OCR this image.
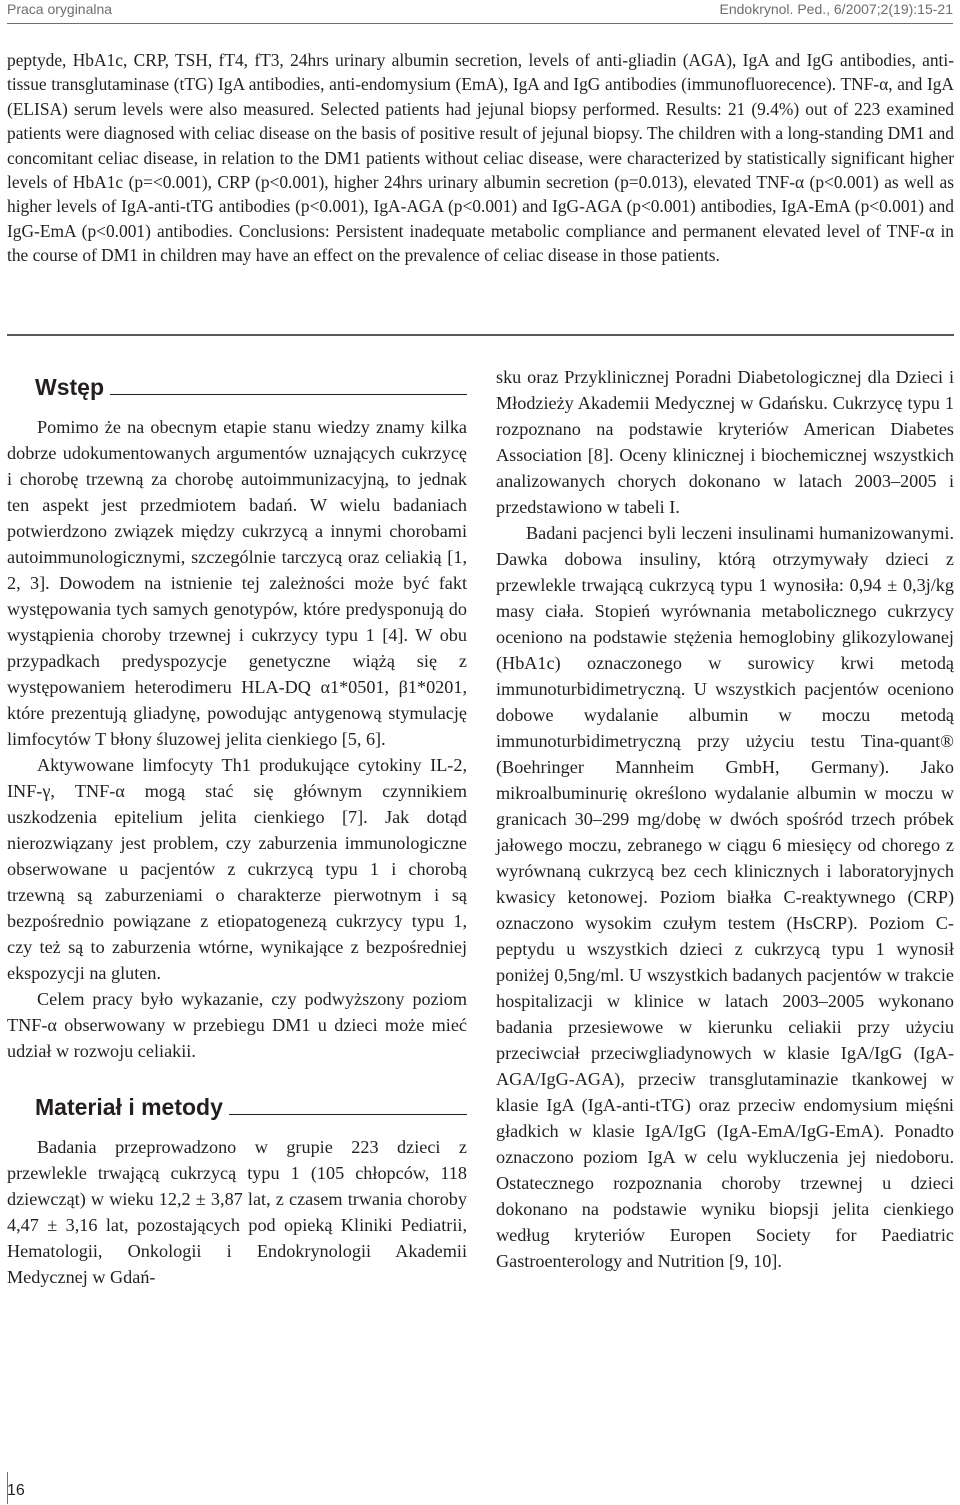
Praca oryginalna	Endokrynol. Ped., 6/2007;2(19):15-21

peptyde, HbA1c, CRP, TSH, fT4, fT3, 24hrs urinary albumin secretion, levels of anti-gliadin (AGA), IgA and IgG antibodies, anti-tissue transglutaminase (tTG) IgA antibodies, anti-endomysium (EmA), IgA and IgG antibodies (immunofluorecence). TNF-α, and IgA (ELISA) serum levels were also measured. Selected patients had jejunal biopsy performed. Results: 21 (9.4%) out of 223 examined patients were diagnosed with celiac disease on the basis of positive result of jejunal biopsy. The children with a long-standing DM1 and concomitant celiac disease, in relation to the DM1 patients without celiac disease, were characterized by statistically significant higher levels of HbA1c (p=<0.001), CRP (p<0.001), higher 24hrs urinary albumin secretion (p=0.013), elevated TNF-α (p<0.001) as well as higher levels of IgA-anti-tTG antibodies (p<0.001), IgA-AGA (p<0.001) and IgG-AGA (p<0.001) antibodies, IgA-EmA (p<0.001) and IgG-EmA (p<0.001) antibodies. Conclusions: Persistent inadequate metabolic compliance and permanent elevated level of TNF-α in the course of DM1 in children may have an effect on the prevalence of celiac disease in those patients.

Wstęp

Pomimo że na obecnym etapie stanu wiedzy znamy kilka dobrze udokumentowanych argumentów uznających cukrzycę i chorobę trzewną za chorobę autoimmunizacyjną, to jednak ten aspekt jest przedmiotem badań. W wielu badaniach potwierdzono związek między cukrzycą a innymi chorobami autoimmunologicznymi, szczególnie tarczycą oraz celiakią [1, 2, 3]. Dowodem na istnienie tej zależności może być fakt występowania tych samych genotypów, które predysponują do wystąpienia choroby trzewnej i cukrzycy typu 1 [4]. W obu przypadkach predyspozycje genetyczne wiążą się z występowaniem heterodimeru HLA-DQ α1*0501, β1*0201, które prezentują gliadynę, powodując antygenową stymulację limfocytów T błony śluzowej jelita cienkiego [5, 6].

Aktywowane limfocyty Th1 produkujące cytokiny IL-2, INF-γ, TNF-α mogą stać się głównym czynnikiem uszkodzenia epitelium jelita cienkiego [7]. Jak dotąd nierozwiązany jest problem, czy zaburzenia immunologiczne obserwowane u pacjentów z cukrzycą typu 1 i chorobą trzewną są zaburzeniami o charakterze pierwotnym i są bezpośrednio powiązane z etiopatogenezą cukrzycy typu 1, czy też są to zaburzenia wtórne, wynikające z bezpośredniej ekspozycji na gluten.

Celem pracy było wykazanie, czy podwyższony poziom TNF-α obserwowany w przebiegu DM1 u dzieci może mieć udział w rozwoju celiakii.

Materiał i metody

Badania przeprowadzono w grupie 223 dzieci z przewlekle trwającą cukrzycą typu 1 (105 chłopców, 118 dziewcząt) w wieku 12,2 ± 3,87 lat, z czasem trwania choroby 4,47 ± 3,16 lat, pozostających pod opieką Kliniki Pediatrii, Hematologii, Onkologii i Endokrynologii Akademii Medycznej w Gdań-

sku oraz Przyklinicznej Poradni Diabetologicznej dla Dzieci i Młodzieży Akademii Medycznej w Gdańsku. Cukrzycę typu 1 rozpoznano na podstawie kryteriów American Diabetes Association [8]. Oceny klinicznej i biochemicznej wszystkich analizowanych chorych dokonano w latach 2003–2005 i przedstawiono w tabeli I.

Badani pacjenci byli leczeni insulinami humanizowanymi. Dawka dobowa insuliny, którą otrzymywały dzieci z przewlekle trwającą cukrzycą typu 1 wynosiła: 0,94 ± 0,3j/kg masy ciała. Stopień wyrównania metabolicznego cukrzycy oceniono na podstawie stężenia hemoglobiny glikozylowanej (HbA1c) oznaczonego w surowicy krwi metodą immunoturbidimetryczną. U wszystkich pacjentów oceniono dobowe wydalanie albumin w moczu metodą immunoturbidimetryczną przy użyciu testu Tina-quant® (Boehringer Mannheim GmbH, Germany). Jako mikroalbuminurię określono wydalanie albumin w moczu w granicach 30–299 mg/dobę w dwóch spośród trzech próbek jałowego moczu, zebranego w ciągu 6 miesięcy od chorego z wyrównaną cukrzycą bez cech klinicznych i laboratoryjnych kwasicy ketonowej. Poziom białka C-reaktywnego (CRP) oznaczono wysokim czułym testem (HsCRP). Poziom C-peptydu u wszystkich dzieci z cukrzycą typu 1 wynosił poniżej 0,5ng/ml. U wszystkich badanych pacjentów w trakcie hospitalizacji w klinice w latach 2003–2005 wykonano badania przesiewowe w kierunku celiakii przy użyciu przeciwciał przeciwgliadynowych w klasie IgA/IgG (IgA-AGA/IgG-AGA), przeciw transglutaminazie tkankowej w klasie IgA (IgA-anti-tTG) oraz przeciw endomysium mięśni gładkich w klasie IgA/IgG (IgA-EmA/IgG-EmA). Ponadto oznaczono poziom IgA w celu wykluczenia jej niedoboru. Ostatecznego rozpoznania choroby trzewnej u dzieci dokonano na podstawie wyniku biopsji jelita cienkiego według kryteriów Europen Society for Paediatric Gastroenterology and Nutrition [9, 10].

16
